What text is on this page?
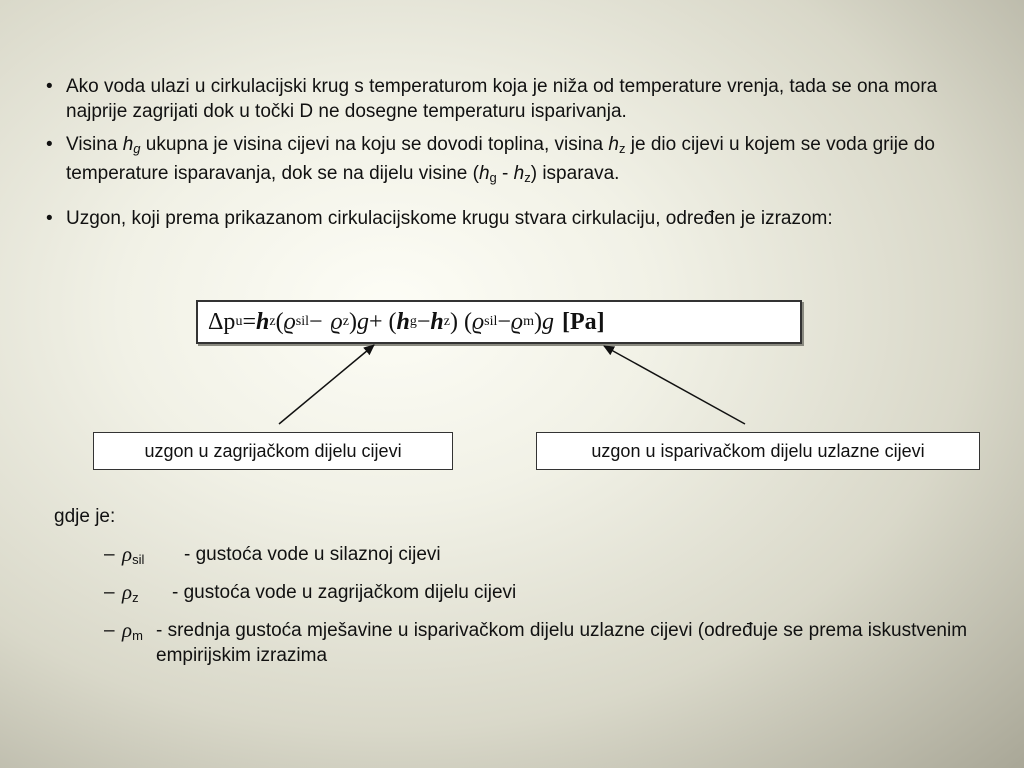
• Ako voda ulazi u cirkulacijski krug s temperaturom koja je niža od temperature vrenja, tada se ona mora najprije zagrijati dok u točki D ne dosegne temperaturu isparivanja.
• Visina $h_g$ ukupna je visina cijevi na koju se dovodi toplina, visina $h_z$ je dio cijevi u kojem se voda grije do temperature isparavanja, dok se na dijelu visine $(h_g - h_z)$ isparava.
• Uzgon, koji prema prikazanom cirkulacijskome krugu stvara cirkulaciju, određen je izrazom:
Δp u = h z ( ϱ sil − ϱ z ) g + ( h g − h z ) ( ϱ sil − ϱ m ) g [Pa]
uzgon u zagrijačkom dijelu cijevi	uzgon u isparivačkom dijelu uzlazne cijevi
gdje je:
– ρsil - gustoća vode u silaznoj cijevi
– ρz - gustoća vode u zagrijačkom dijelu cijevi
– ρm - srednja gustoća mješavine u isparivačkom dijelu uzlazne cijevi (određuje se prema iskustvenim empirijskim izrazima
